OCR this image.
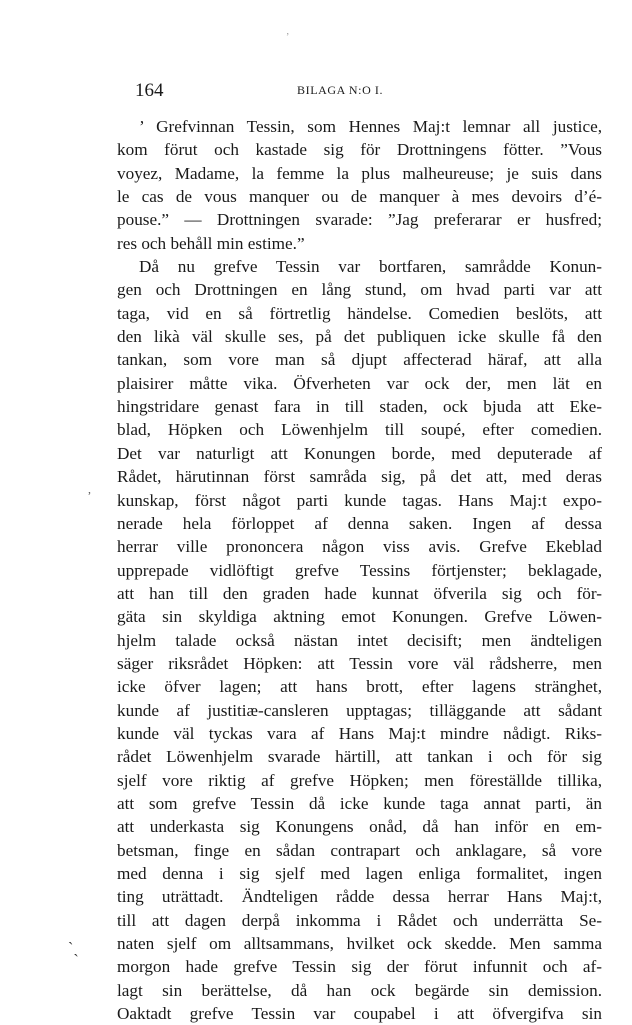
ʼ
164	BILAGA N:O I.
,
’ Grefvinnan Tessin, som Hennes Maj:t lemnar all justice,
kom förut och kastade sig för Drottningens fötter. ”Vous
voyez, Madame, la femme la plus malheureuse; je suis dans
le cas de vous manquer ou de manquer à mes devoirs d’é-
pouse.” — Drottningen svarade: ”Jag preferarar er husfred;
res och behåll min estime.”
Då nu grefve Tessin var bortfaren, samrådde Konun-
gen och Drottningen en lång stund, om hvad parti var att
taga, vid en så förtretlig händelse. Comedien beslöts, att
den likà väl skulle ses, på det publiquen icke skulle få den
tankan, som vore man så djupt affecterad häraf, att alla
plaisirer måtte vika. Öfverheten var ock der, men lät en
hingstridare genast fara in till staden, ock bjuda att Eke-
blad, Höpken och Löwenhjelm till soupé, efter comedien.
Det var naturligt att Konungen borde, med deputerade af
Rådet, härutinnan först samråda sig, på det att, med deras
kunskap, först något parti kunde tagas. Hans Maj:t expo-
nerade hela förloppet af denna saken. Ingen af dessa
herrar ville prononcera någon viss avis. Grefve Ekeblad
upprepade vidlöftigt grefve Tessins förtjenster; beklagade,
att han till den graden hade kunnat öfverila sig och för-
gäta sin skyldiga aktning emot Konungen. Grefve Löwen-
hjelm talade också nästan intet decisift; men ändteligen
säger riksrådet Höpken: att Tessin vore väl rådsherre, men
icke öfver lagen; att hans brott, efter lagens stränghet,
kunde af justitiæ-cansleren upptagas; tilläggande att sådant
kunde väl tyckas vara af Hans Maj:t mindre nådigt. Riks-
rådet Löwenhjelm svarade härtill, att tankan i och för sig
sjelf vore riktig af grefve Höpken; men föreställde tillika,
att som grefve Tessin då icke kunde taga annat parti, än
att underkasta sig Konungens onåd, då han inför en em-
betsman, finge en sådan contrapart och anklagare, så vore
med denna i sig sjelf med lagen enliga formalitet, ingen
ting uträttadt. Ändteligen rådde dessa herrar Hans Maj:t,
till att dagen derpå inkomma i Rådet och underrätta Se-
naten sjelf om alltsammans, hvilket ock skedde. Men samma
morgon hade grefve Tessin sig der förut infunnit och af-
lagt sin berättelse, då han ock begärde sin demission.
Oaktadt grefve Tessin var coupabel i att öfvergifva sin
`ˎ
